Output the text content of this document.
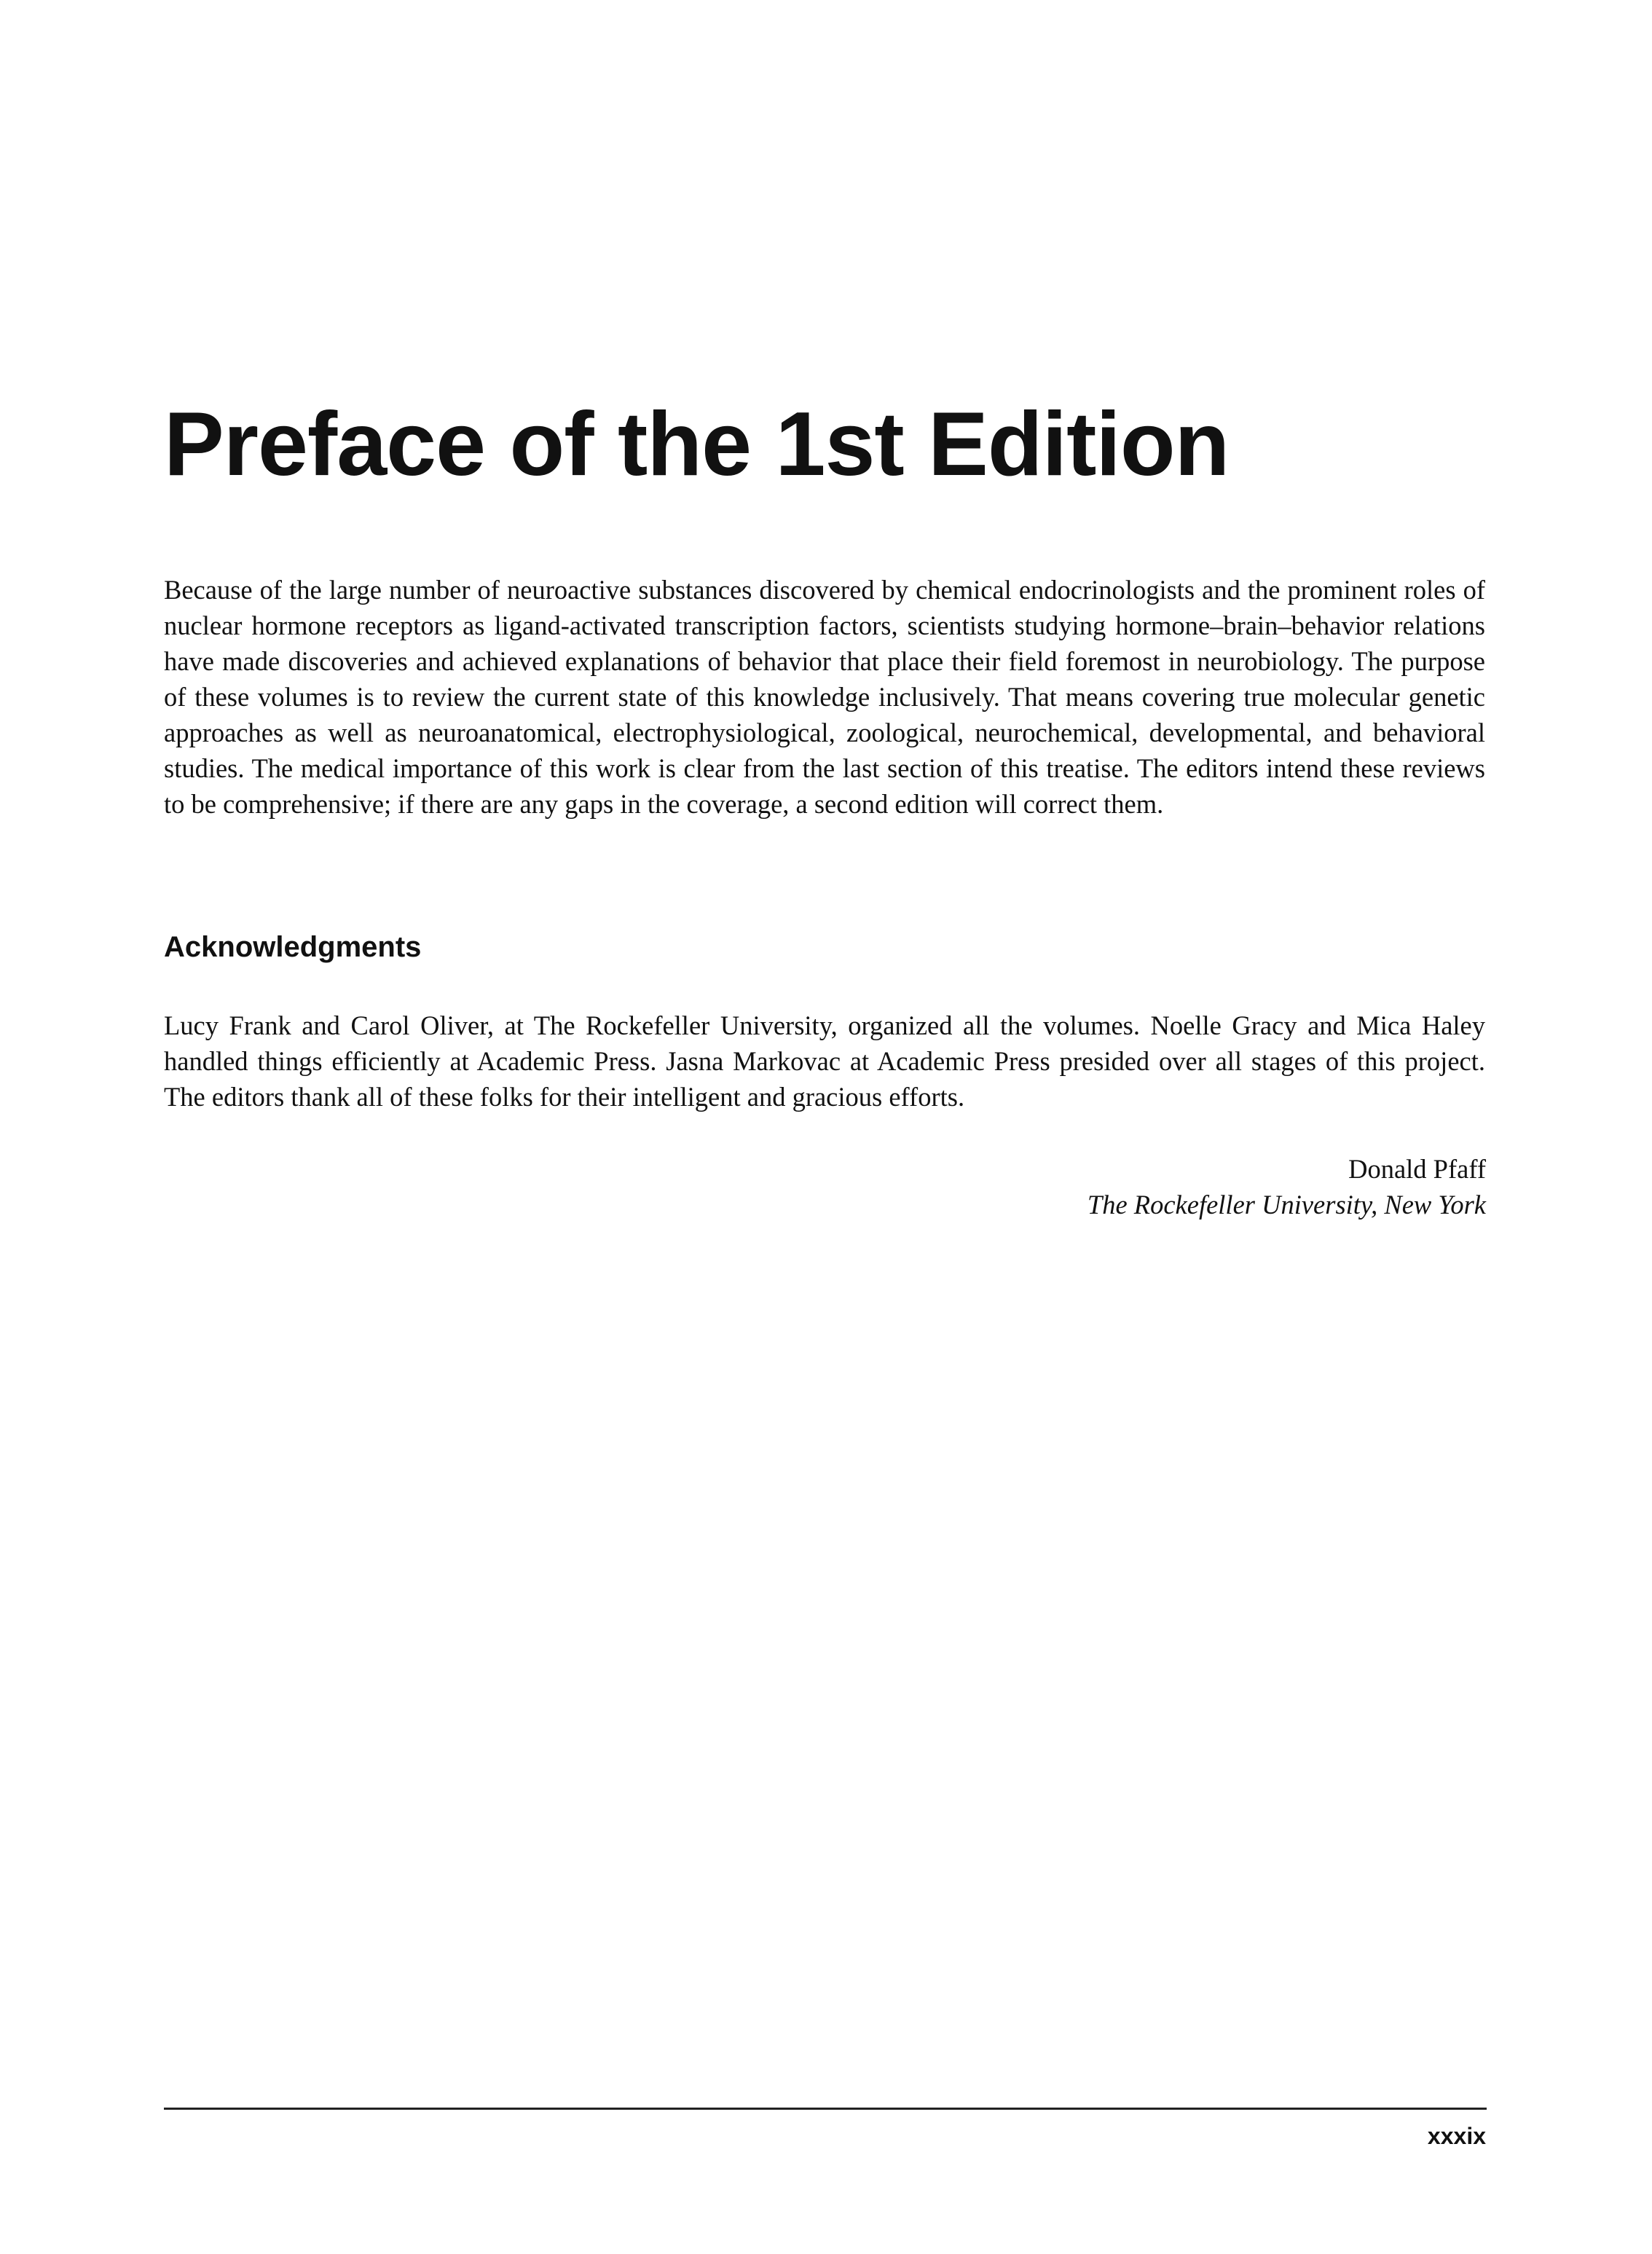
Preface of the 1st Edition

Because of the large number of neuroactive substances discovered by chemical endocrinologists and the prominent roles of nuclear hormone receptors as ligand-activated transcription factors, scientists studying hormone–brain–behavior relations have made discoveries and achieved explanations of behavior that place their field foremost in neurobiology. The purpose of these volumes is to review the current state of this knowledge inclusively. That means covering true molecular genetic approaches as well as neuroanatomical, electrophysiological, zoological, neurochemical, developmental, and behavioral studies. The medical importance of this work is clear from the last section of this treatise. The editors intend these reviews to be comprehensive; if there are any gaps in the coverage, a second edition will correct them.

Acknowledgments

Lucy Frank and Carol Oliver, at The Rockefeller University, organized all the volumes. Noelle Gracy and Mica Haley handled things efficiently at Academic Press. Jasna Markovac at Academic Press presided over all stages of this project. The editors thank all of these folks for their intelligent and gracious efforts.

Donald Pfaff
The Rockefeller University, New York
xxxix
